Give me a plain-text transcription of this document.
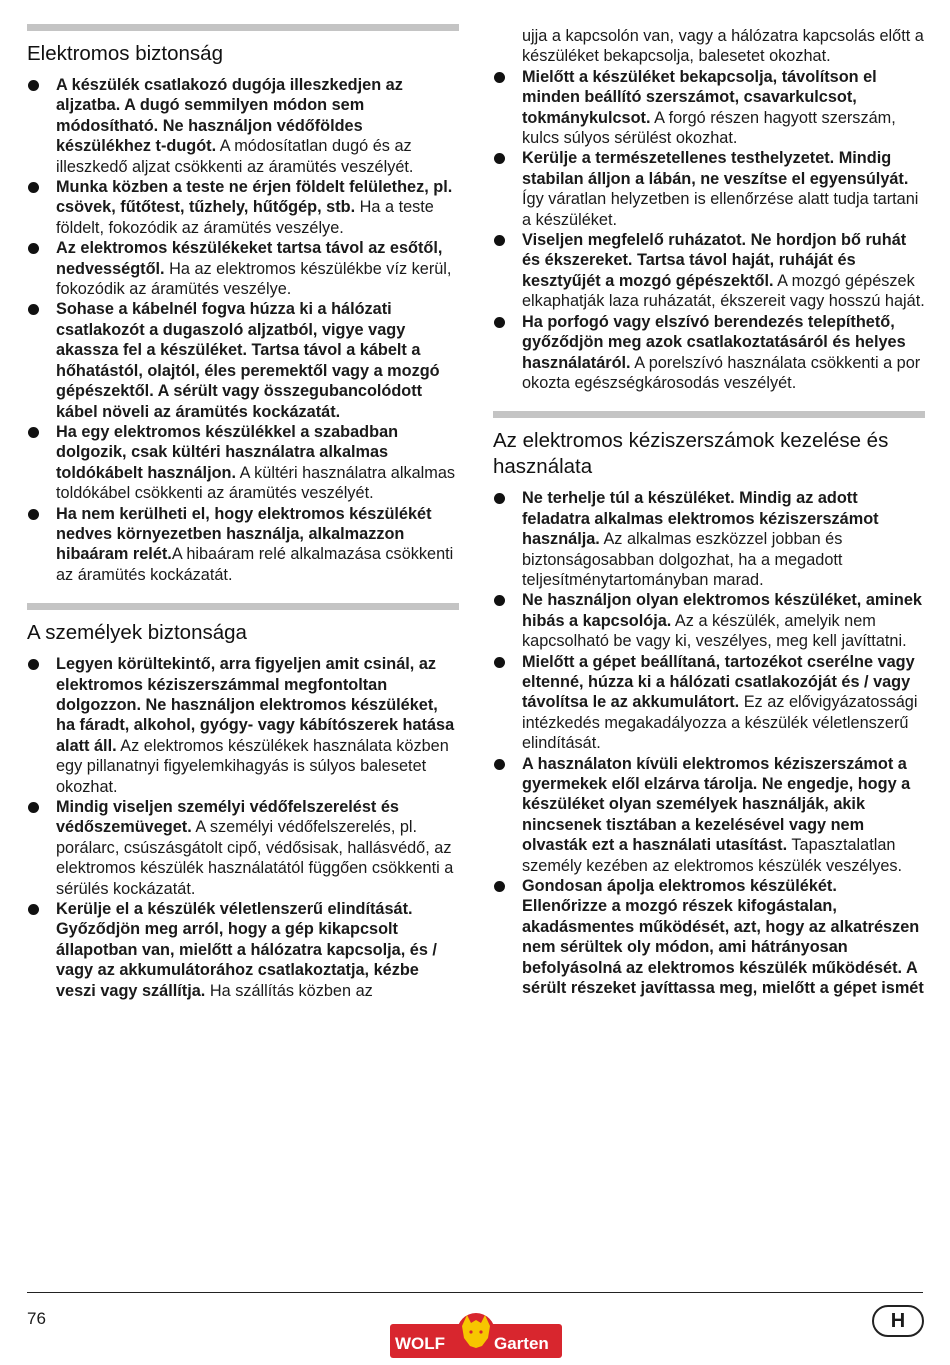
Elektromos biztonság
A készülék csatlakozó dugója illeszkedjen az aljzatba. A dugó semmilyen módon sem módosítható. Ne használjon védőföldes készülékhez t-dugót. A módosítatlan dugó és az illeszkedő aljzat csökkenti az áramütés veszélyét.
Munka közben a teste ne érjen földelt felülethez, pl. csövek, fűtőtest, tűzhely, hűtőgép, stb. Ha a teste földelt, fokozódik az áramütés veszélye.
Az elektromos készülékeket tartsa távol az esőtől, nedvességtől. Ha az elektromos készülékbe víz kerül, fokozódik az áramütés veszélye.
Sohase a kábelnél fogva húzza ki a hálózati csatlakozót a dugaszoló aljzatból, vigye vagy akassza fel a készüléket. Tartsa távol a kábelt a hőhatástól, olajtól, éles peremektől vagy a mozgó gépészektől. A sérült vagy összegubancolódott kábel növeli az áramütés kockázatát.
Ha egy elektromos készülékkel a szabadban dolgozik, csak kültéri használatra alkalmas toldókábelt használjon. A kültéri használatra alkalmas toldókábel csökkenti az áramütés veszélyét.
Ha nem kerülheti el, hogy elektromos készülékét nedves környezetben használja, alkalmazzon hibaáram relét.A hibaáram relé alkalmazása csökkenti az áramütés kockázatát.
A személyek biztonsága
Legyen körültekintő, arra figyeljen amit csinál, az elektromos kéziszerszámmal megfontoltan dolgozzon. Ne használjon elektromos készüléket, ha fáradt, alkohol, gyógy- vagy kábítószerek hatása alatt áll. Az elektromos készülékek használata közben egy pillanatnyi figyelemkihagyás is súlyos balesetet okozhat.
Mindig viseljen személyi védőfelszerelést és védőszemüveget. A személyi védőfelszerelés, pl. porálarc, csúszásgátolt cipő, védősisak, hallásvédő, az elektromos készülék használatától függően csökkenti a sérülés kockázatát.
Kerülje el a készülék véletlenszerű elindítását. Győződjön meg arról, hogy a gép kikapcsolt állapotban van, mielőtt a hálózatra kapcsolja, és / vagy az akkumulátorához csatlakoztatja, kézbe veszi vagy szállítja. Ha szállítás közben az
ujja a kapcsolón van, vagy a hálózatra kapcsolás előtt a készüléket bekapcsolja, balesetet okozhat.
Mielőtt a készüléket bekapcsolja, távolítson el minden beállító szerszámot, csavarkulcsot, tokmánykulcsot. A forgó részen hagyott szerszám, kulcs súlyos sérülést okozhat.
Kerülje a természetellenes testhelyzetet. Mindig stabilan álljon a lábán, ne veszítse el egyensúlyát. Így váratlan helyzetben is ellenőrzése alatt tudja tartani a készüléket.
Viseljen megfelelő ruházatot. Ne hordjon bő ruhát és ékszereket. Tartsa távol haját, ruháját és kesztyűjét a mozgó gépészektől. A mozgó gépészek elkaphatják laza ruházatát, ékszereit vagy hosszú haját.
Ha porfogó vagy elszívó berendezés telepíthető, győződjön meg azok csatlakoztatásáról és helyes használatáról. A porelszívó használata csökkenti a por okozta egészségkárosodás veszélyét.
Az elektromos kéziszerszámok kezelése és használata
Ne terhelje túl a készüléket. Mindig az adott feladatra alkalmas elektromos kéziszerszámot használja. Az alkalmas eszközzel jobban és biztonságosabban dolgozhat, ha a megadott teljesítménytartományban marad.
Ne használjon olyan elektromos készüléket, aminek hibás a kapcsolója. Az a készülék, amelyik nem kapcsolható be vagy ki, veszélyes, meg kell javíttatni.
Mielőtt a gépet beállítaná, tartozékot cserélne vagy eltenné, húzza ki a hálózati csatlakozóját és / vagy távolítsa le az akkumulátort. Ez az elővigyázatossági intézkedés megakadályozza a készülék véletlenszerű elindítását.
A használaton kívüli elektromos kéziszerszámot a gyermekek elől elzárva tárolja. Ne engedje, hogy a készüléket olyan személyek használják, akik nincsenek tisztában a kezelésével vagy nem olvasták ezt a használati utasítást. Tapasztalatlan személy kezében az elektromos készülék veszélyes.
Gondosan ápolja elektromos készülékét. Ellenőrizze a mozgó részek kifogástalan, akadásmentes működését, azt, hogy az alkatrészen nem sérültek oly módon, ami hátrányosan befolyásolná az elektromos készülék működését. A sérült részeket javíttassa meg, mielőtt a gépet ismét
76	H
WOLF	Garten
